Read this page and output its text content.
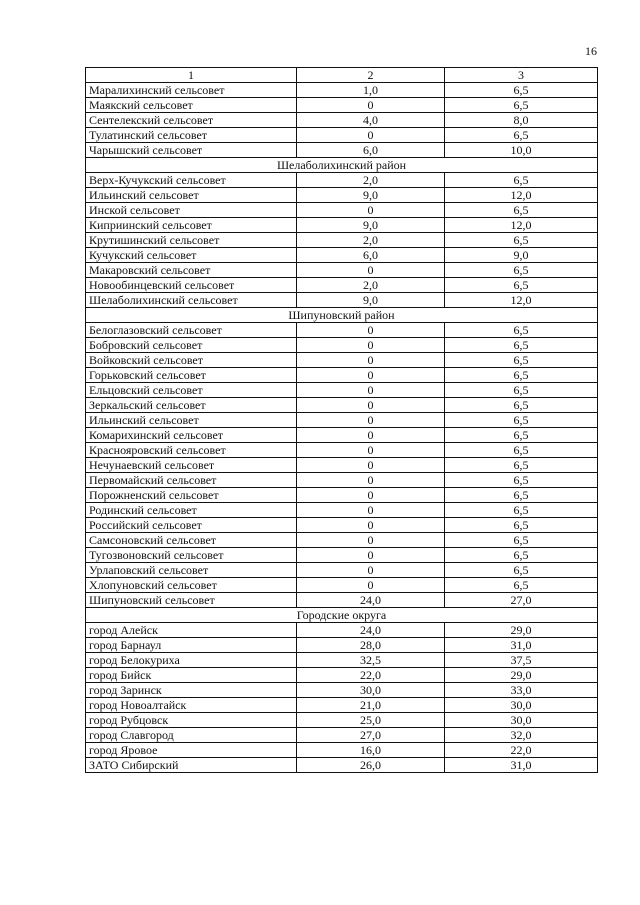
16
1	2	3
Маралихинский сельсовет	1,0	6,5
Маякский сельсовет	0	6,5
Сентелекский сельсовет	4,0	8,0
Тулатинский сельсовет	0	6,5
Чарышский сельсовет	6,0	10,0
Шелаболихинский район		
Верх-Кучукский сельсовет	2,0	6,5
Ильинский сельсовет	9,0	12,0
Инской сельсовет	0	6,5
Киприинский сельсовет	9,0	12,0
Крутишинский сельсовет	2,0	6,5
Кучукский сельсовет	6,0	9,0
Макаровский сельсовет	0	6,5
Новообинцевский сельсовет	2,0	6,5
Шелаболихинский сельсовет	9,0	12,0
Шипуновский район		
Белоглазовский сельсовет	0	6,5
Бобровский сельсовет	0	6,5
Войковский сельсовет	0	6,5
Горьковский сельсовет	0	6,5
Ельцовский сельсовет	0	6,5
Зеркальский сельсовет	0	6,5
Ильинский сельсовет	0	6,5
Комарихинский сельсовет	0	6,5
Краснояровский сельсовет	0	6,5
Нечунаевский сельсовет	0	6,5
Первомайский сельсовет	0	6,5
Порожненский сельсовет	0	6,5
Родинский сельсовет	0	6,5
Российский сельсовет	0	6,5
Самсоновский сельсовет	0	6,5
Тугозвоновский сельсовет	0	6,5
Урлаповский сельсовет	0	6,5
Хлопуновский сельсовет	0	6,5
Шипуновский сельсовет	24,0	27,0
Городские округа		
город Алейск	24,0	29,0
город Барнаул	28,0	31,0
город Белокуриха	32,5	37,5
город Бийск	22,0	29,0
город Заринск	30,0	33,0
город Новоалтайск	21,0	30,0
город Рубцовск	25,0	30,0
город Славгород	27,0	32,0
город Яровое	16,0	22,0
ЗАТО Сибирский	26,0	31,0
